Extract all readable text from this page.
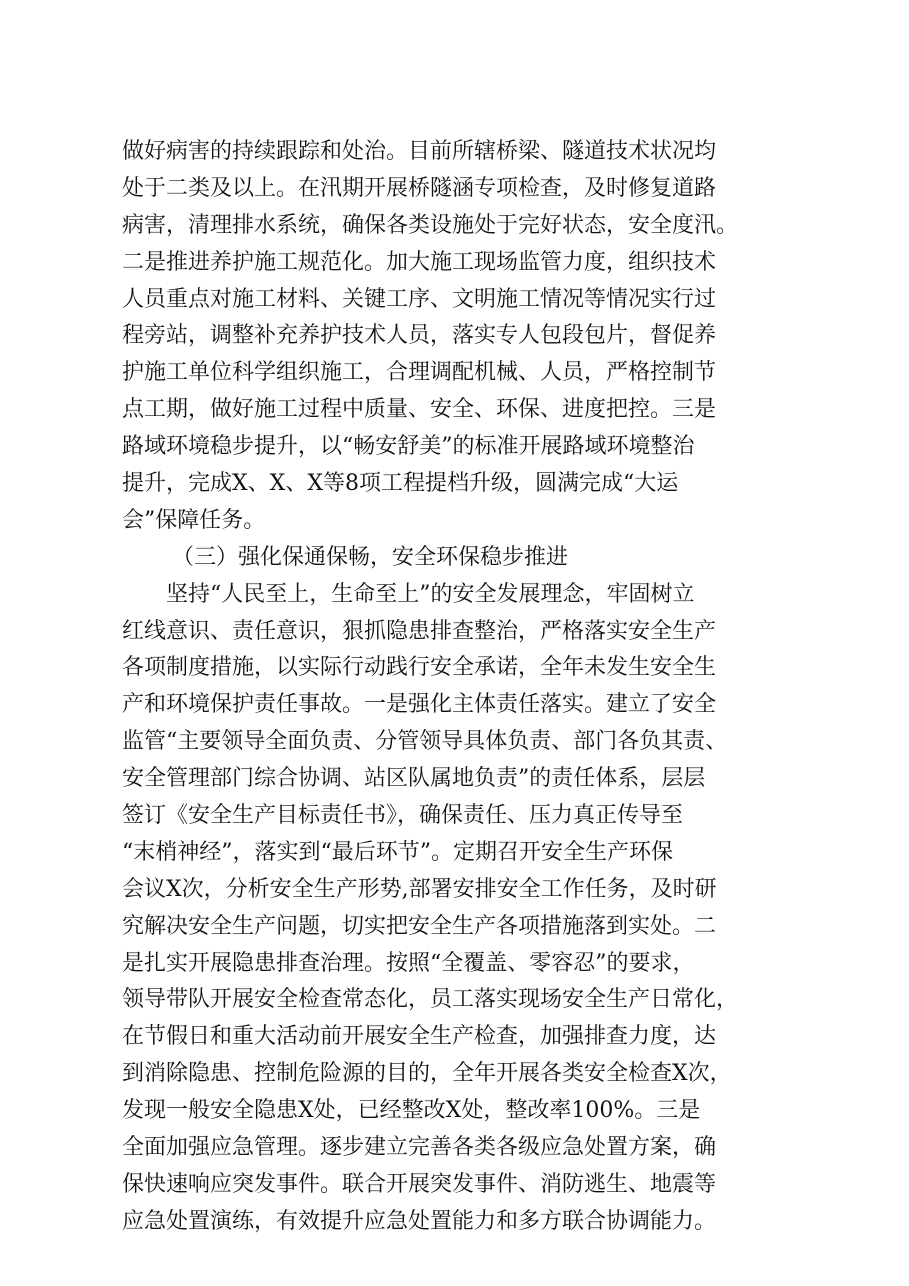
做好病害的持续跟踪和处治。目前所辖桥梁、隧道技术状况均
处于二类及以上。在汛期开展桥隧涵专项检查，及时修复道路
病害，清理排水系统，确保各类设施处于完好状态，安全度汛。
二是推进养护施工规范化。加大施工现场监管力度，组织技术
人员重点对施工材料、关键工序、文明施工情况等情况实行过
程旁站，调整补充养护技术人员，落实专人包段包片，督促养
护施工单位科学组织施工，合理调配机械、人员，严格控制节
点工期，做好施工过程中质量、安全、环保、进度把控。三是
路域环境稳步提升，以“畅安舒美”的标准开展路域环境整治
提升，完成X、X、X等8项工程提档升级，圆满完成“大运
会”保障任务。
（三）强化保通保畅，安全环保稳步推进
坚持“人民至上，生命至上”的安全发展理念，牢固树立
红线意识、责任意识，狠抓隐患排查整治，严格落实安全生产
各项制度措施，以实际行动践行安全承诺，全年未发生安全生
产和环境保护责任事故。一是强化主体责任落实。建立了安全
监管“主要领导全面负责、分管领导具体负责、部门各负其责、
安全管理部门综合协调、站区队属地负责”的责任体系，层层
签订《安全生产目标责任书》，确保责任、压力真正传导至
“末梢神经”，落实到“最后环节”。定期召开安全生产环保
会议X次，分析安全生产形势,部署安排安全工作任务，及时研
究解决安全生产问题，切实把安全生产各项措施落到实处。二
是扎实开展隐患排查治理。按照“全覆盖、零容忍”的要求，
领导带队开展安全检查常态化，员工落实现场安全生产日常化，
在节假日和重大活动前开展安全生产检查，加强排查力度，达
到消除隐患、控制危险源的目的，全年开展各类安全检查X次，
发现一般安全隐患X处，已经整改X处，整改率100%。三是
全面加强应急管理。逐步建立完善各类各级应急处置方案，确
保快速响应突发事件。联合开展突发事件、消防逃生、地震等
应急处置演练，有效提升应急处置能力和多方联合协调能力。
